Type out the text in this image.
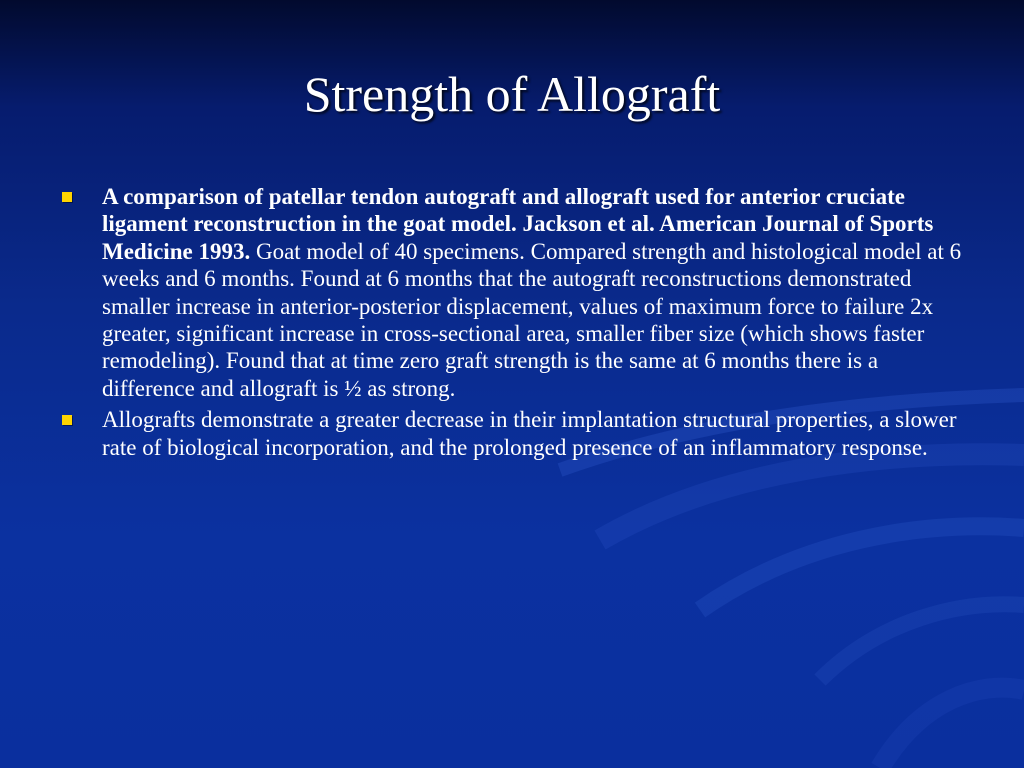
Strength of Allograft
A comparison of patellar tendon autograft and allograft used for anterior cruciate ligament reconstruction in the goat model. Jackson et al. American Journal of Sports Medicine 1993. Goat model of 40 specimens. Compared strength and histological model at 6 weeks and 6 months. Found at 6 months that the autograft reconstructions demonstrated smaller increase in anterior-posterior displacement, values of maximum force to failure 2x greater, significant increase in cross-sectional area, smaller fiber size (which shows faster remodeling). Found that at time zero graft strength is the same at 6 months there is a difference and allograft is ½ as strong.
Allografts demonstrate a greater decrease in their implantation structural properties, a slower rate of biological incorporation, and the prolonged presence of an inflammatory response.
